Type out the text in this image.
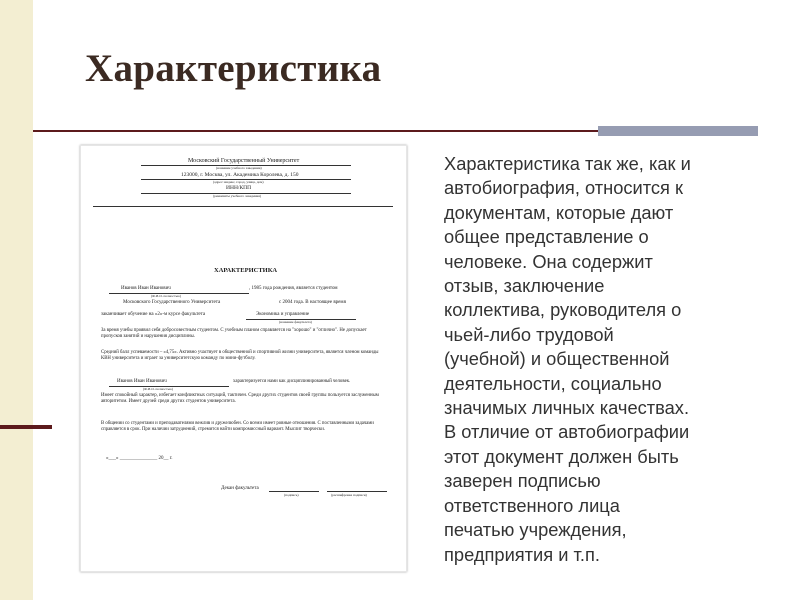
Характеристика
Московский Государственный Университет
(название учебного заведения)
123000, г. Москва, ул. Академика Королева, д. 150
(адрес: индекс, город, улица, дом)
ИНН/КПП
(реквизиты учебного заведения)
ХАРАКТЕРИСТИКА
Иванов Иван Иванович	, 1985 года рождения, является студентом
(Ф.И.О. полностью)
Московского Государственного Университета	с 2004 года. В настоящее время
заканчивает обучение на «2»-м курсе факультета	Экономика и управление
(название факультета)
За время учебы проявил себя добросовестным студентом. С учебным планом справляется на "хорошо" и "отлично". Не допускает пропусков занятий и нарушения дисциплины.
Средний балл успеваемости – «4,75». Активно участвует в общественной и спортивной жизни университета, является членом команды КВН университета и играет за университетскую команду по мини-футболу.
Иванов Иван Иванович
(Ф.И.О. полностью)
характеризуется нами как дисциплинированный человек.
Имеет спокойный характер, избегает конфликтных ситуаций, тактичен. Среди других студентов своей группы пользуется заслуженным авторитетом. Имеет друзей среди других студентов университета.
В общении со студентами и преподавателями вежлив и дружелюбен. Со всеми имеет ровные отношения. С поставленными задачами справляется в срок. При наличии затруднений, стремится найти компромиссный вариант. Мыслит творчески.
«___» _______________ 20__ г.
Декан факультета
(подпись)	(расшифровка подписи)
Характеристика так же, как и
автобиография, относится к
документам, которые дают
общее представление о
человеке. Она содержит
отзыв, заключение
коллектива, руководителя о
чьей-либо трудовой
(учебной) и общественной
деятельности, социально
значимых личных качествах.
В отличие от автобиографии
этот документ должен быть
заверен подписью
ответственного лица
печатью учреждения,
предприятия и т.п.
